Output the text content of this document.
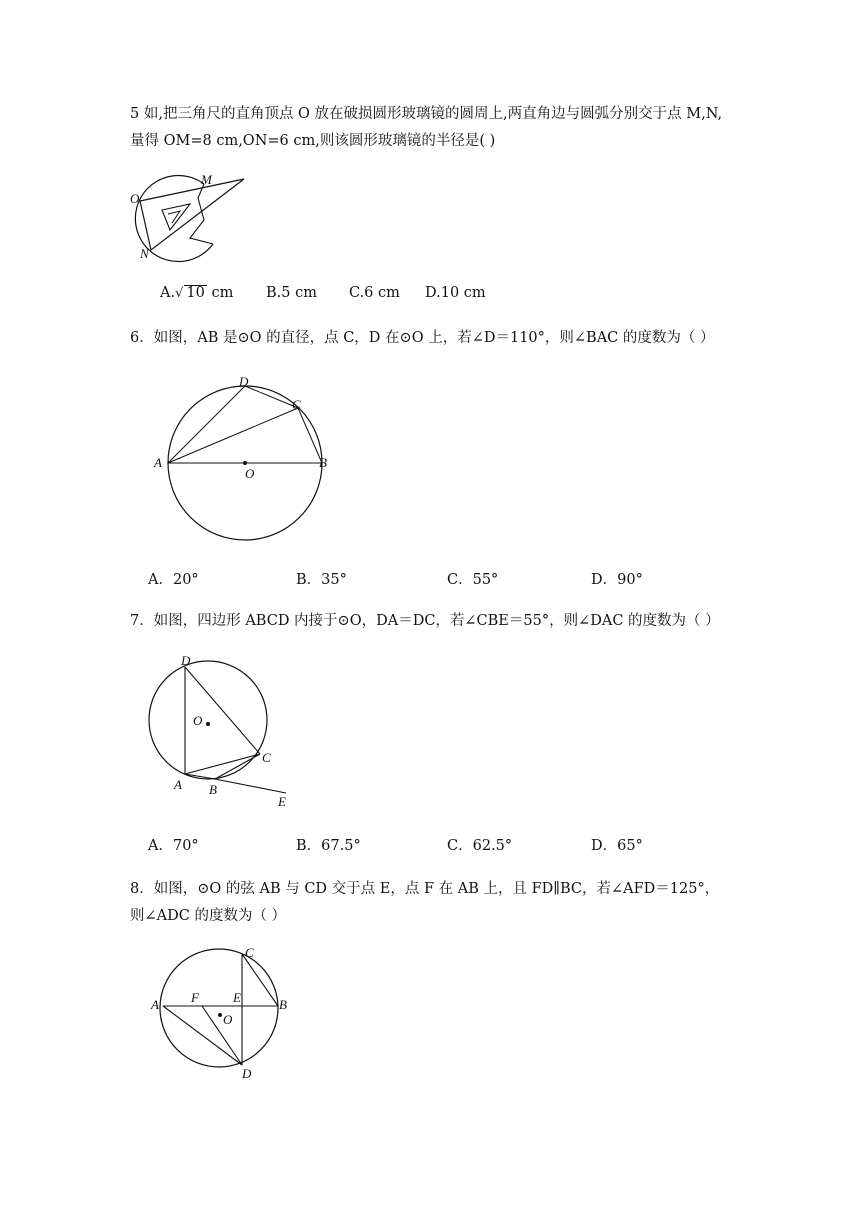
5 如,把三角尺的直角顶点 O 放在破损圆形玻璃镜的圆周上,两直角边与圆弧分别交于点 M,N,
量得 OM=8 cm,ON=6 cm,则该圆形玻璃镜的半径是( )
O
M
N
A.√ 10 cm B.5 cm C.6 cm D.10 cm
6．如图，AB 是⊙O 的直径，点 C，D 在⊙O 上，若∠D＝110°，则∠BAC 的度数为（ ）
A	B
C
D
O
A．20°	B．35°	C．55°	D．90°
7．如图，四边形 ABCD 内接于⊙O，DA＝DC，若∠CBE＝55°，则∠DAC 的度数为（ ）
D
O
C
A B
E
A．70°	B．67.5°	C．62.5°	D．65°
8．如图，⊙O 的弦 AB 与 CD 交于点 E，点 F 在 AB 上，且 FD∥BC，若∠AFD＝125°，
则∠ADC 的度数为（ ）
A	B
C
D
E
F
O
